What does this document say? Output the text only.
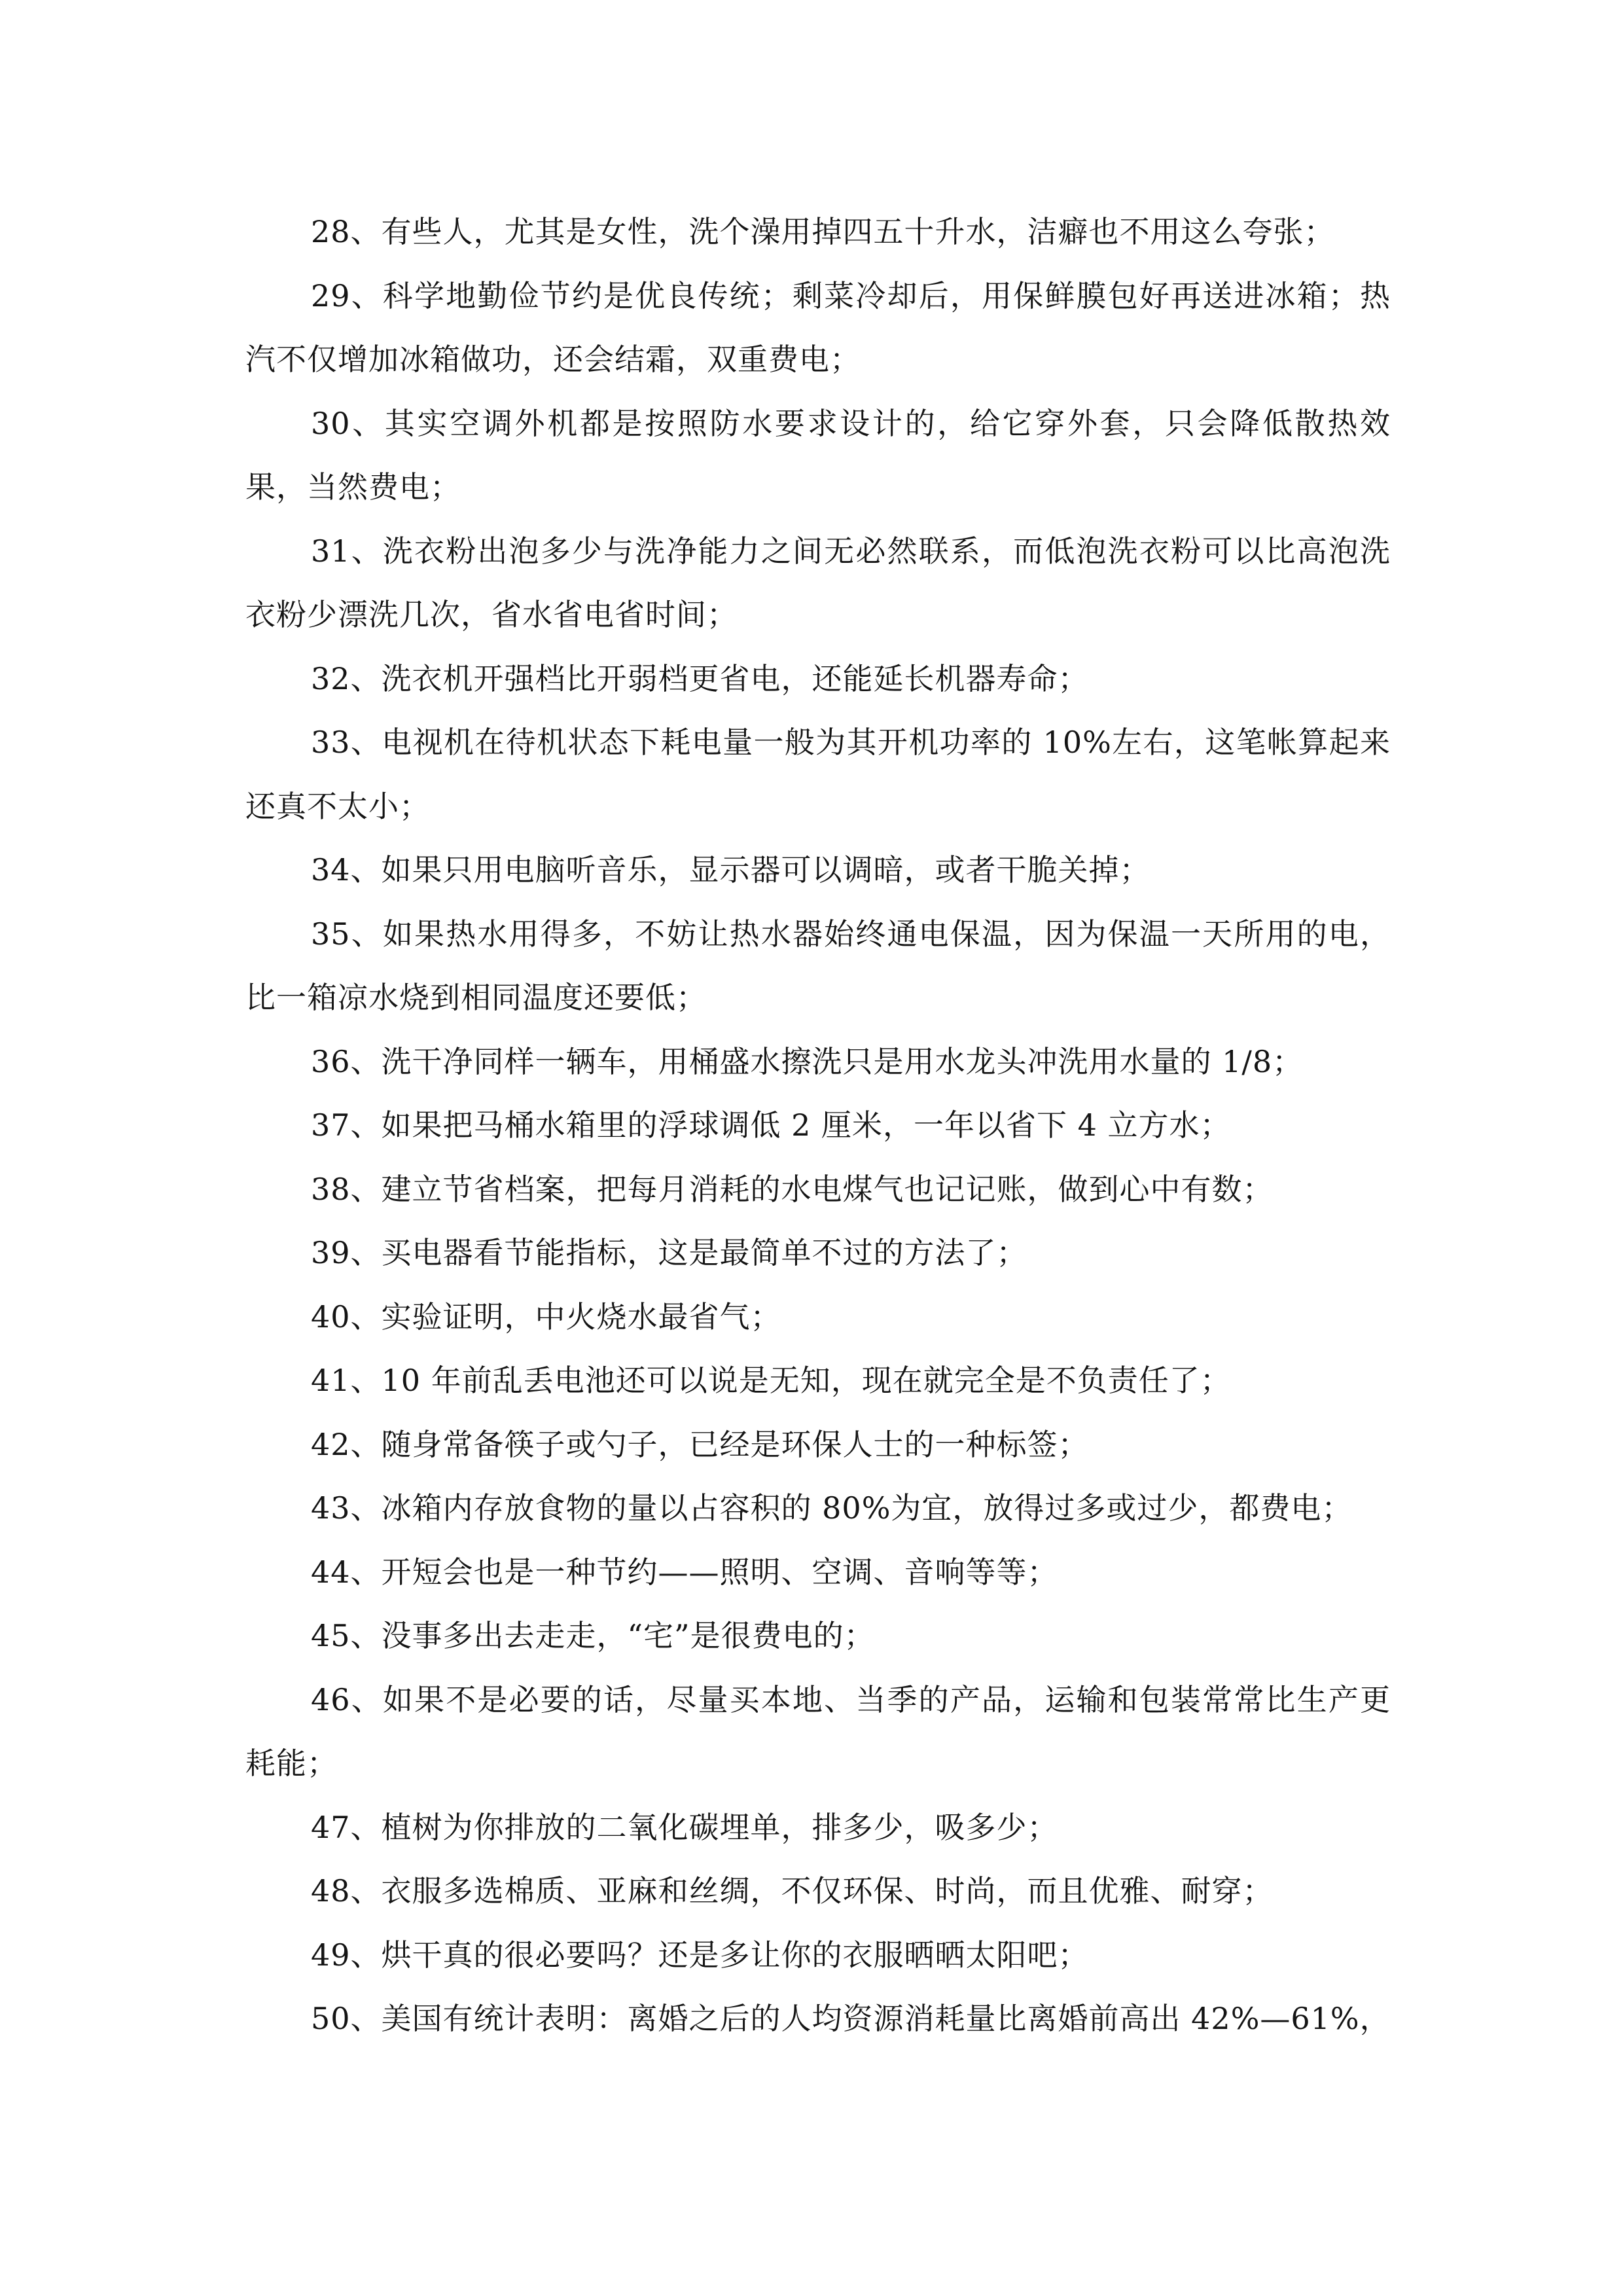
28、有些人，尤其是女性，洗个澡用掉四五十升水，洁癖也不用这么夸张；

29、科学地勤俭节约是优良传统；剩菜冷却后，用保鲜膜包好再送进冰箱；热汽不仅增加冰箱做功，还会结霜，双重费电；

30、其实空调外机都是按照防水要求设计的，给它穿外套，只会降低散热效果，当然费电；

31、洗衣粉出泡多少与洗净能力之间无必然联系，而低泡洗衣粉可以比高泡洗衣粉少漂洗几次，省水省电省时间；

32、洗衣机开强档比开弱档更省电，还能延长机器寿命；

33、电视机在待机状态下耗电量一般为其开机功率的 10%左右，这笔帐算起来还真不太小；

34、如果只用电脑听音乐，显示器可以调暗，或者干脆关掉；

35、如果热水用得多，不妨让热水器始终通电保温，因为保温一天所用的电，比一箱凉水烧到相同温度还要低；

36、洗干净同样一辆车，用桶盛水擦洗只是用水龙头冲洗用水量的 1/8；

37、如果把马桶水箱里的浮球调低 2 厘米，一年以省下 4 立方水；

38、建立节省档案，把每月消耗的水电煤气也记记账，做到心中有数；

39、买电器看节能指标，这是最简单不过的方法了；

40、实验证明，中火烧水最省气；

41、10 年前乱丢电池还可以说是无知，现在就完全是不负责任了；

42、随身常备筷子或勺子，已经是环保人士的一种标签；

43、冰箱内存放食物的量以占容积的 80%为宜，放得过多或过少，都费电；

44、开短会也是一种节约——照明、空调、音响等等；

45、没事多出去走走，“宅”是很费电的；

46、如果不是必要的话，尽量买本地、当季的产品，运输和包装常常比生产更耗能；

47、植树为你排放的二氧化碳埋单，排多少，吸多少；

48、衣服多选棉质、亚麻和丝绸，不仅环保、时尚，而且优雅、耐穿；

49、烘干真的很必要吗？还是多让你的衣服晒晒太阳吧；

50、美国有统计表明：离婚之后的人均资源消耗量比离婚前高出 42%—61%，
